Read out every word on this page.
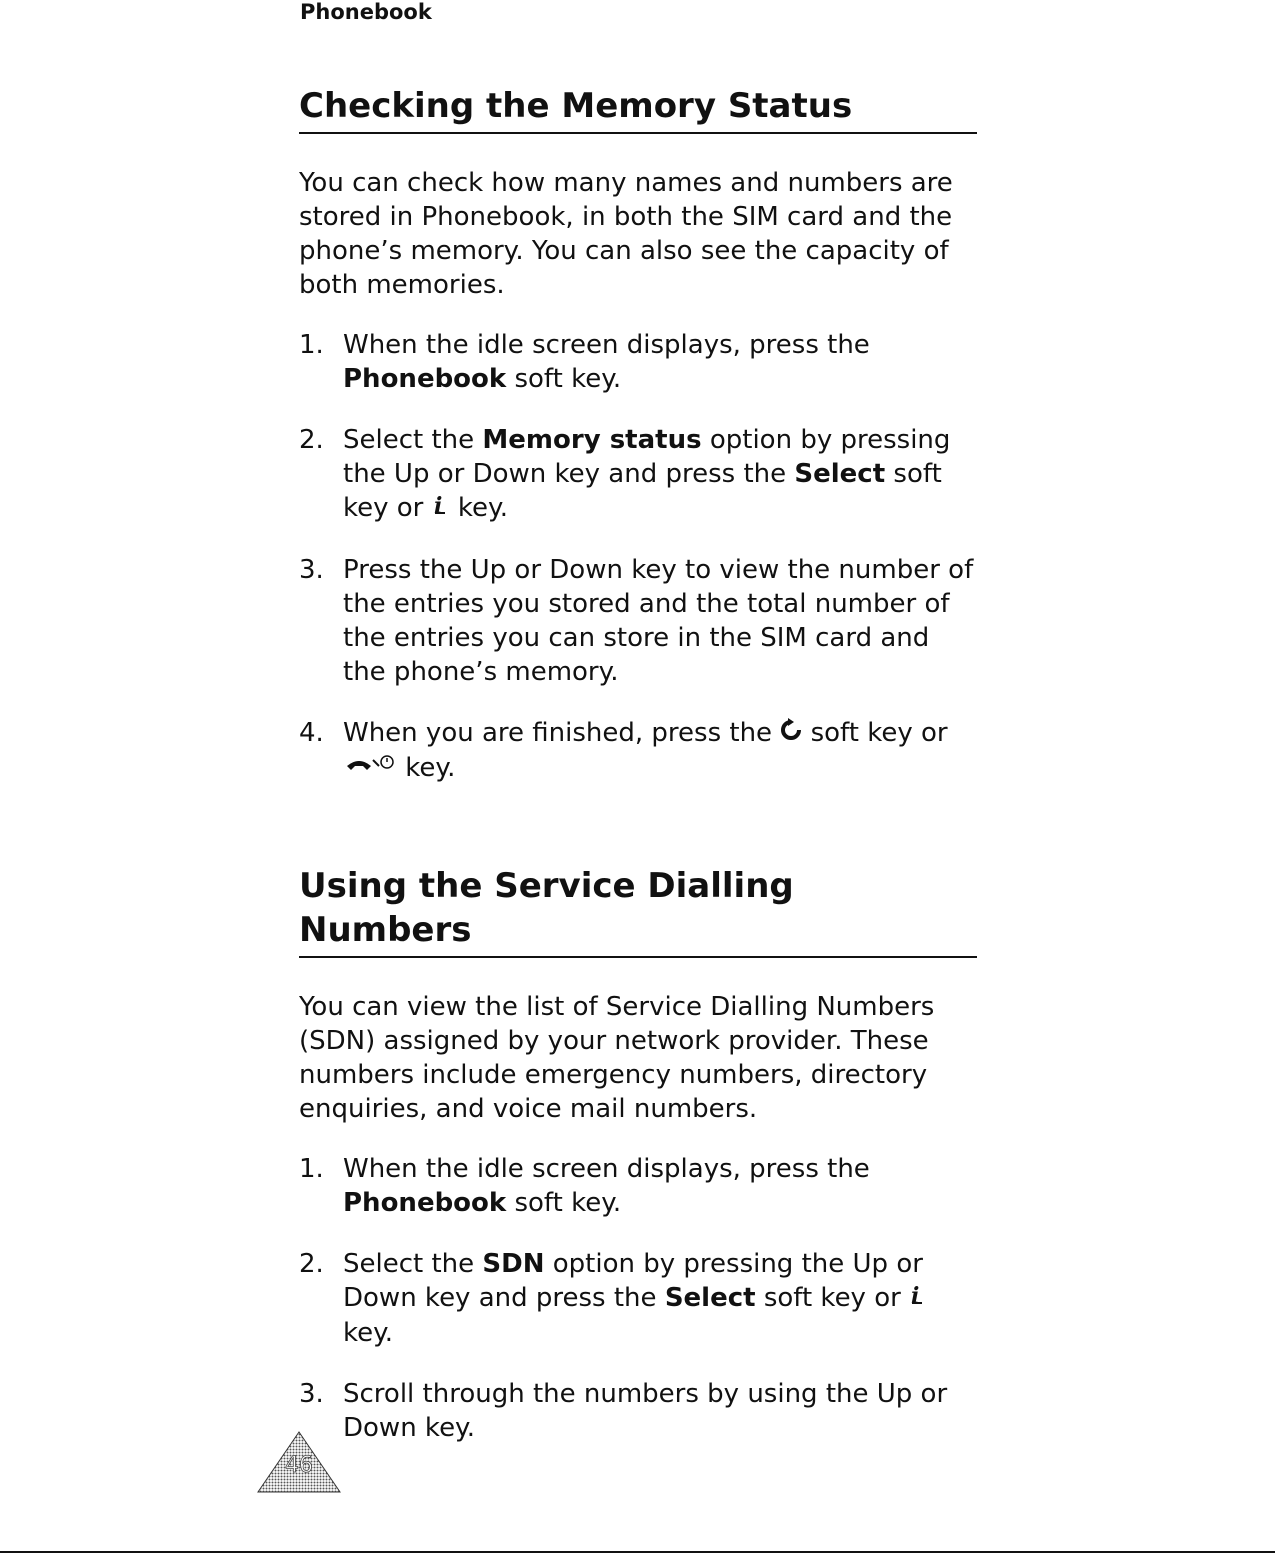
Phonebook
Checking the Memory Status

You can check how many names and numbers are stored in Phonebook, in both the SIM card and the phone’s memory. You can also see the capacity of both memories.

1. When the idle screen displays, press the
Phonebook soft key.
2. Select the Memory status option by pressing the Up or Down key and press the Select soft key or i key.
3. Press the Up or Down key to view the number of the entries you stored and the total number of the entries you can store in the SIM card and the phone’s memory.
4. When you are finished, press the  soft key or
key.
Using the Service Dialling Numbers

You can view the list of Service Dialling Numbers (SDN) assigned by your network provider. These numbers include emergency numbers, directory enquiries, and voice mail numbers.

1. When the idle screen displays, press the
Phonebook soft key.
2. Select the SDN option by pressing the Up or Down key and press the Select soft key or i

key.
3. Scroll through the numbers by using the Up or Down key.
46
